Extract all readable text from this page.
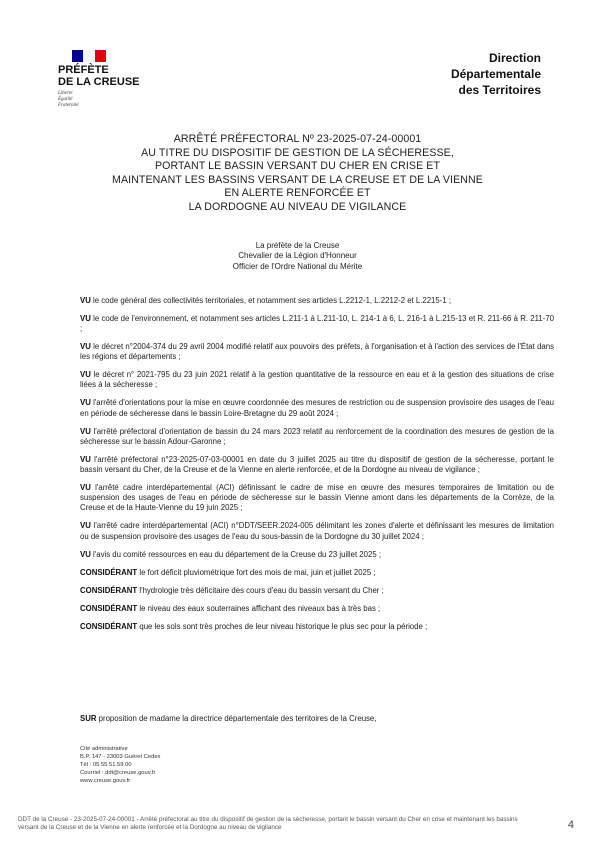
PRÉFÈTE
DE LA CREUSE
Liberté
Égalité
Fraternité
Direction
Départementale
des Territoires
ARRÊTÉ PRÉFECTORAL Nº 23-2025-07-24-00001
AU TITRE DU DISPOSITIF DE GESTION DE LA SÉCHERESSE,
PORTANT LE BASSIN VERSANT DU CHER EN CRISE ET
MAINTENANT LES BASSINS VERSANT DE LA CREUSE ET DE LA VIENNE
EN ALERTE RENFORCÉE ET
LA DORDOGNE AU NIVEAU DE VIGILANCE
La préfète de la Creuse
Chevalier de la Légion d'Honneur
Officier de l'Ordre National du Mérite

VU le code général des collectivités territoriales, et notamment ses articles L.2212-1, L.2212-2 et L.2215-1 ;

VU le code de l'environnement, et notamment ses articles L.211-1 à L.211-10, L. 214-1 à 6, L. 216-1 à L.215-13 et R. 211-66 à R. 211-70 ;

VU le décret n°2004-374 du 29 avril 2004 modifié relatif aux pouvoirs des préfets, à l'organisation et à l'action des services de l'État dans les régions et départements ;

VU le décret n° 2021-795 du 23 juin 2021 relatif à la gestion quantitative de la ressource en eau et à la gestion des situations de crise liées à la sécheresse ;

VU l'arrêté d'orientations pour la mise en œuvre coordonnée des mesures de restriction ou de suspension provisoire des usages de l'eau en période de sécheresse dans le bassin Loire-Bretagne du 29 août 2024 ;

VU l'arrêté préfectoral d'orientation de bassin du 24 mars 2023 relatif au renforcement de la coordination des mesures de gestion de la sécheresse sur le bassin Adour-Garonne ;

VU l'arrêté préfectoral n°23-2025-07-03-00001 en date du 3 juillet 2025 au titre du dispositif de gestion de la sécheresse, portant le bassin versant du Cher, de la Creuse et de la Vienne en alerte renforcée, et de la Dordogne au niveau de vigilance ;

VU l'arrêté cadre interdépartemental (ACI) définissant le cadre de mise en œuvre des mesures temporaires de limitation ou de suspension des usages de l'eau en période de sécheresse sur le bassin Vienne amont dans les départements de la Corrèze, de la Creuse et de la Haute-Vienne du 19 juin 2025 ;

VU l'arrêté cadre interdépartemental (ACI) n°DDT/SEER.2024-005 délimitant les zones d'alerte et définissant les mesures de limitation ou de suspension provisoire des usages de l'eau du sous-bassin de la Dordogne du 30 juillet 2024 ;

VU l'avis du comité ressources en eau du département de la Creuse du 23 juillet 2025 ;

CONSIDÉRANT le fort déficit pluviométrique fort des mois de mai, juin et juillet 2025 ;

CONSIDÉRANT l'hydrologie très déficitaire des cours d'eau du bassin versant du Cher ;

CONSIDÉRANT le niveau des eaux souterraines affichant des niveaux bas à très bas ;

CONSIDÉRANT que les sols sont très proches de leur niveau historique le plus sec pour la période ;

SUR proposition de madame la directrice départementale des territoires de la Creuse,
Cité administrative
B.P. 147 - 23003 Guéret Cedex
Tél : 05.55.51.59.00
Courriel : ddt@creuse.gouv.fr
www.creuse.gouv.fr
DDT de la Creuse - 23-2025-07-24-00001 - Arrêté préfectoral au titre du dispositif de gestion de la sécheresse, portant le bassin versant du Cher en crise et maintenant les bassins versant de la Creuse et de la Vienne en alerte renforcée et la Dordogne au niveau de vigilance	4
